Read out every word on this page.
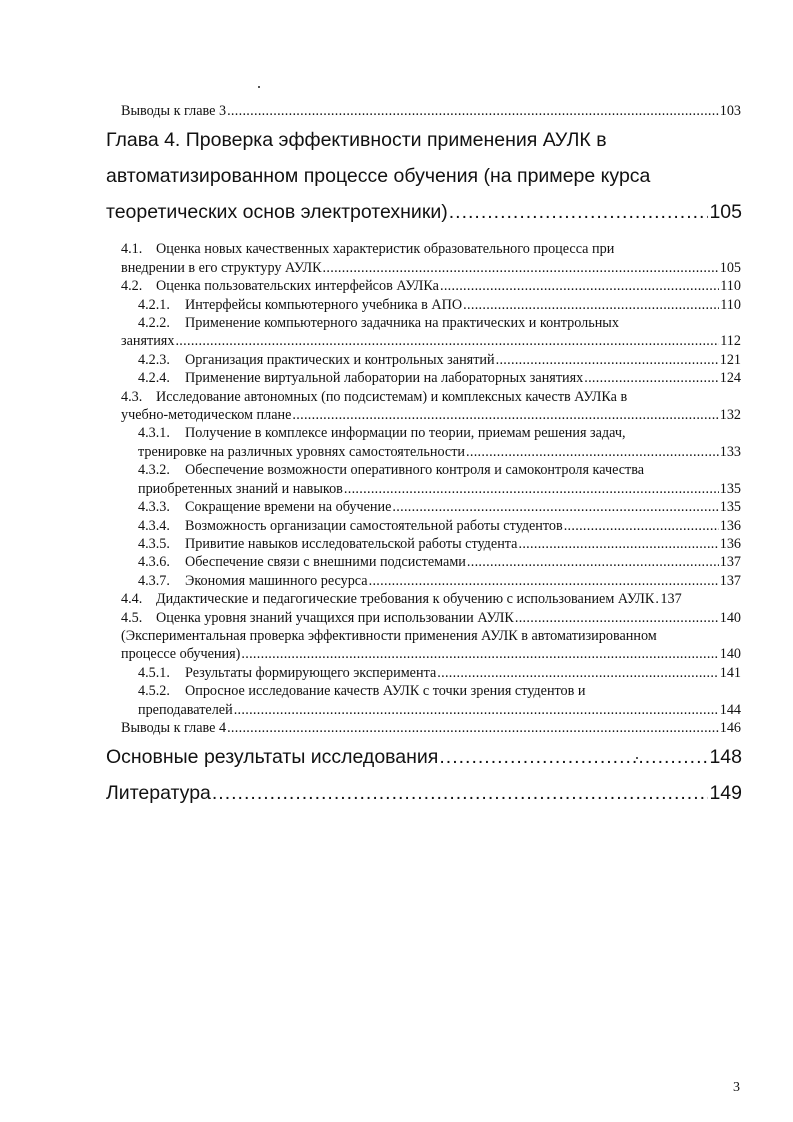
Выводы к главе 3 .....	103
Глава 4. Проверка эффективности применения АУЛК в
автоматизированном процессе обучения (на примере курса
теоретических основ электротехники) .....	105
4.1. Оценка новых качественных характеристик образовательного процесса при
внедрении в его структуру АУЛК .....	105
4.2. Оценка пользовательских интерфейсов АУЛКа .....	110
4.2.1. Интерфейсы компьютерного учебника в АПО .....	110
4.2.2. Применение компьютерного задачника на практических и контрольных
занятиях .....	112
4.2.3. Организация практических и контрольных занятий .....	121
4.2.4. Применение виртуальной лаборатории на лабораторных занятиях .....	124
4.3. Исследование автономных (по подсистемам) и комплексных качеств АУЛКа в
учебно-методическом плане .....	132
4.3.1. Получение в комплексе информации по теории, приемам решения задач,
тренировке на различных уровнях самостоятельности .....	133
4.3.2. Обеспечение возможности оперативного контроля и самоконтроля качества
приобретенных знаний и навыков .....	135
4.3.3. Сокращение времени на обучение .....	135
4.3.4. Возможность организации самостоятельной работы студентов .....	136
4.3.5. Привитие навыков исследовательской работы студента .....	136
4.3.6. Обеспечение связи с внешними подсистемами .....	137
4.3.7. Экономия машинного ресурса .....	137
4.4. Дидактические и педагогические требования к обучению с использованием АУЛК ..... 137
4.5. Оценка уровня знаний учащихся при использовании АУЛК .....	140
(Экспериментальная проверка эффективности применения АУЛК в автоматизированном
процессе обучения) .....	140
4.5.1. Результаты формирующего эксперимента .....	141
4.5.2. Опросное исследование качеств АУЛК с точки зрения студентов и
преподавателей .....	144
Выводы к главе 4 .....	146
Основные результаты исследования .....	148
Литература .....	149
3
